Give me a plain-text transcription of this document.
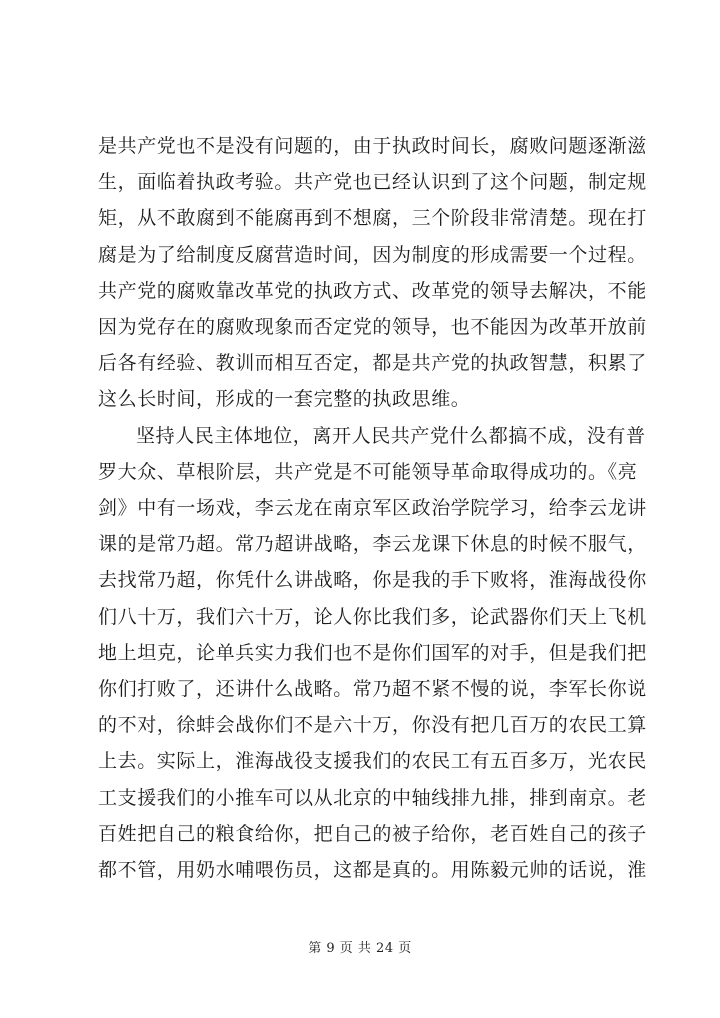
是共产党也不是没有问题的，由于执政时间长，腐败问题逐渐滋
生，面临着执政考验。共产党也已经认识到了这个问题，制定规
矩，从不敢腐到不能腐再到不想腐，三个阶段非常清楚。现在打
腐是为了给制度反腐营造时间，因为制度的形成需要一个过程。
共产党的腐败靠改革党的执政方式、改革党的领导去解决，不能
因为党存在的腐败现象而否定党的领导，也不能因为改革开放前
后各有经验、教训而相互否定，都是共产党的执政智慧，积累了
这么长时间，形成的一套完整的执政思维。
坚持人民主体地位，离开人民共产党什么都搞不成，没有普
罗大众、草根阶层，共产党是不可能领导革命取得成功的。《亮
剑》中有一场戏，李云龙在南京军区政治学院学习，给李云龙讲
课的是常乃超。常乃超讲战略，李云龙课下休息的时候不服气，
去找常乃超，你凭什么讲战略，你是我的手下败将，淮海战役你
们八十万，我们六十万，论人你比我们多，论武器你们天上飞机
地上坦克，论单兵实力我们也不是你们国军的对手，但是我们把
你们打败了，还讲什么战略。常乃超不紧不慢的说，李军长你说
的不对，徐蚌会战你们不是六十万，你没有把几百万的农民工算
上去。实际上，淮海战役支援我们的农民工有五百多万，光农民
工支援我们的小推车可以从北京的中轴线排九排，排到南京。老
百姓把自己的粮食给你，把自己的被子给你，老百姓自己的孩子
都不管，用奶水哺喂伤员，这都是真的。用陈毅元帅的话说，淮
第 9 页 共 24 页
